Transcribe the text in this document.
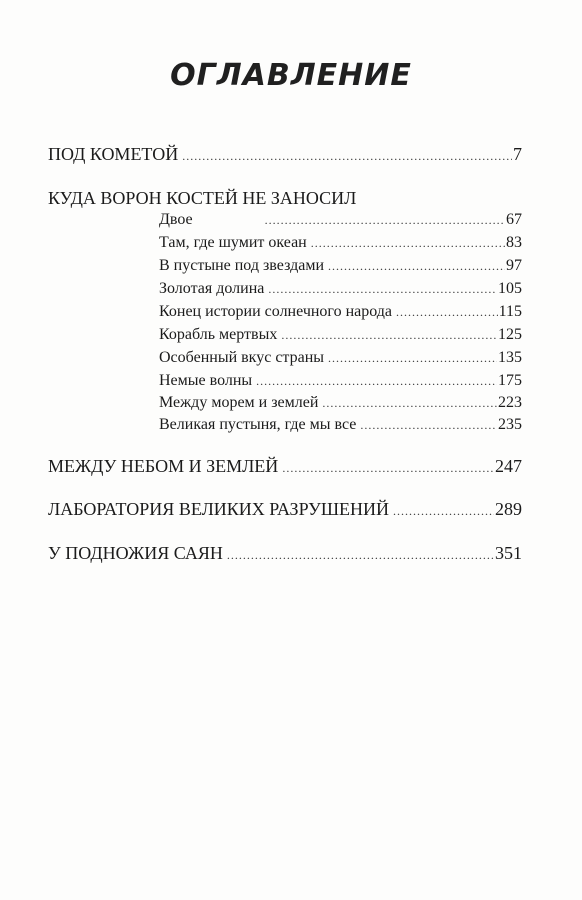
ОГЛАВЛЕНИЕ
ПОД КОМЕТОЙ .....	7
КУДА ВОРОН КОСТЕЙ НЕ ЗАНОСИЛ
Двое .....	67
Там, где шумит океан .....	83
В пустыне под звездами .....	97
Золотая долина .....	105
Конец истории солнечного народа .....	115
Корабль мертвых .....	125
Особенный вкус страны .....	135
Немые волны .....	175
Между морем и землей .....	223
Великая пустыня, где мы все .....	235
МЕЖДУ НЕБОМ И ЗЕМЛЕЙ .....	247
ЛАБОРАТОРИЯ ВЕЛИКИХ РАЗРУШЕНИЙ .....	289
У ПОДНОЖИЯ САЯН .....	351
